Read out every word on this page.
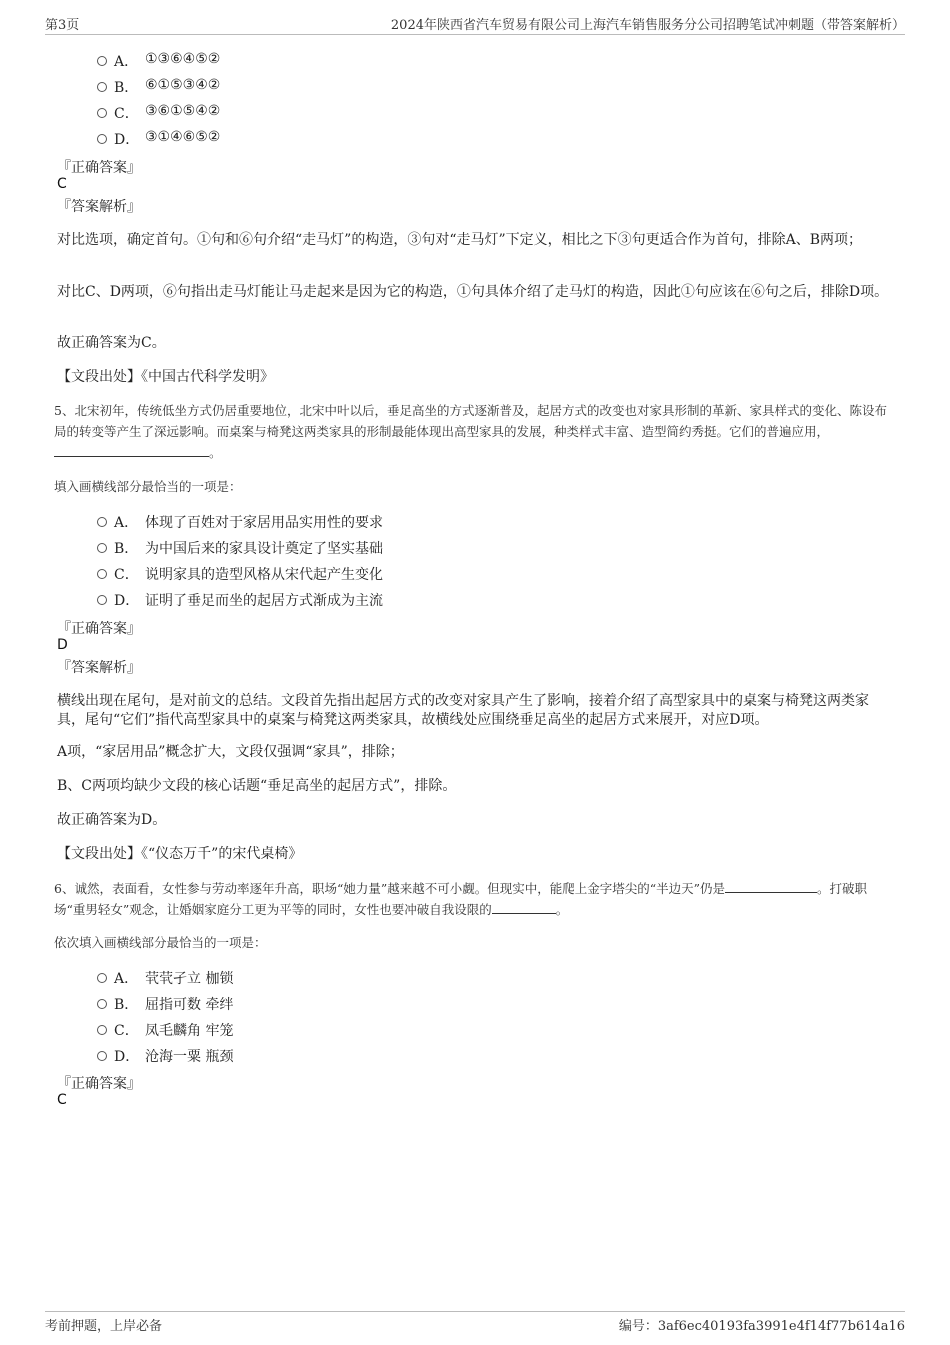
第3页	2024年陕西省汽车贸易有限公司上海汽车销售服务分公司招聘笔试冲刺题（带答案解析）
A． ①③⑥④⑤②
B． ⑥①⑤③④②
C． ③⑥①⑤④②
D． ③①④⑥⑤②
『正确答案』
C
『答案解析』
对比选项，确定首句。①句和⑥句介绍“走马灯”的构造，③句对“走马灯”下定义，相比之下③句更适合作为首句，排除A、B两项；
对比C、D两项，⑥句指出走马灯能让马走起来是因为它的构造，①句具体介绍了走马灯的构造，因此①句应该在⑥句之后，排除D项。
故正确答案为C。
【文段出处】《中国古代科学发明》
5、北宋初年，传统低坐方式仍居重要地位，北宋中叶以后，垂足高坐的方式逐渐普及，起居方式的改变也对家具形制的革新、家具样式的变化、陈设布局的转变等产生了深远影响。而桌案与椅凳这两类家具的形制最能体现出高型家具的发展，种类样式丰富、造型简约秀挺。它们的普遍应用，。
填入画横线部分最恰当的一项是：
A． 体现了百姓对于家居用品实用性的要求
B． 为中国后来的家具设计奠定了坚实基础
C． 说明家具的造型风格从宋代起产生变化
D． 证明了垂足而坐的起居方式渐成为主流
『正确答案』
D
『答案解析』
横线出现在尾句，是对前文的总结。文段首先指出起居方式的改变对家具产生了影响，接着介绍了高型家具中的桌案与椅凳这两类家具，尾句“它们”指代高型家具中的桌案与椅凳这两类家具，故横线处应围绕垂足高坐的起居方式来展开，对应D项。
A项，“家居用品”概念扩大，文段仅强调“家具”，排除；
B、C两项均缺少文段的核心话题“垂足高坐的起居方式”，排除。
故正确答案为D。
【文段出处】《“仪态万千”的宋代桌椅》
6、诚然，表面看，女性参与劳动率逐年升高，职场“她力量”越来越不可小觑。但现实中，能爬上金字塔尖的“半边天”仍是	。打破职场“重男轻女”观念，让婚姻家庭分工更为平等的同时，女性也要冲破自我设限的	。
依次填入画横线部分最恰当的一项是：
A． 茕茕孑立 枷锁
B． 屈指可数 牵绊
C． 凤毛麟角 牢笼
D． 沧海一粟 瓶颈
『正确答案』
C
考前押题，上岸必备	编号：3af6ec40193fa3991e4f14f77b614a16
